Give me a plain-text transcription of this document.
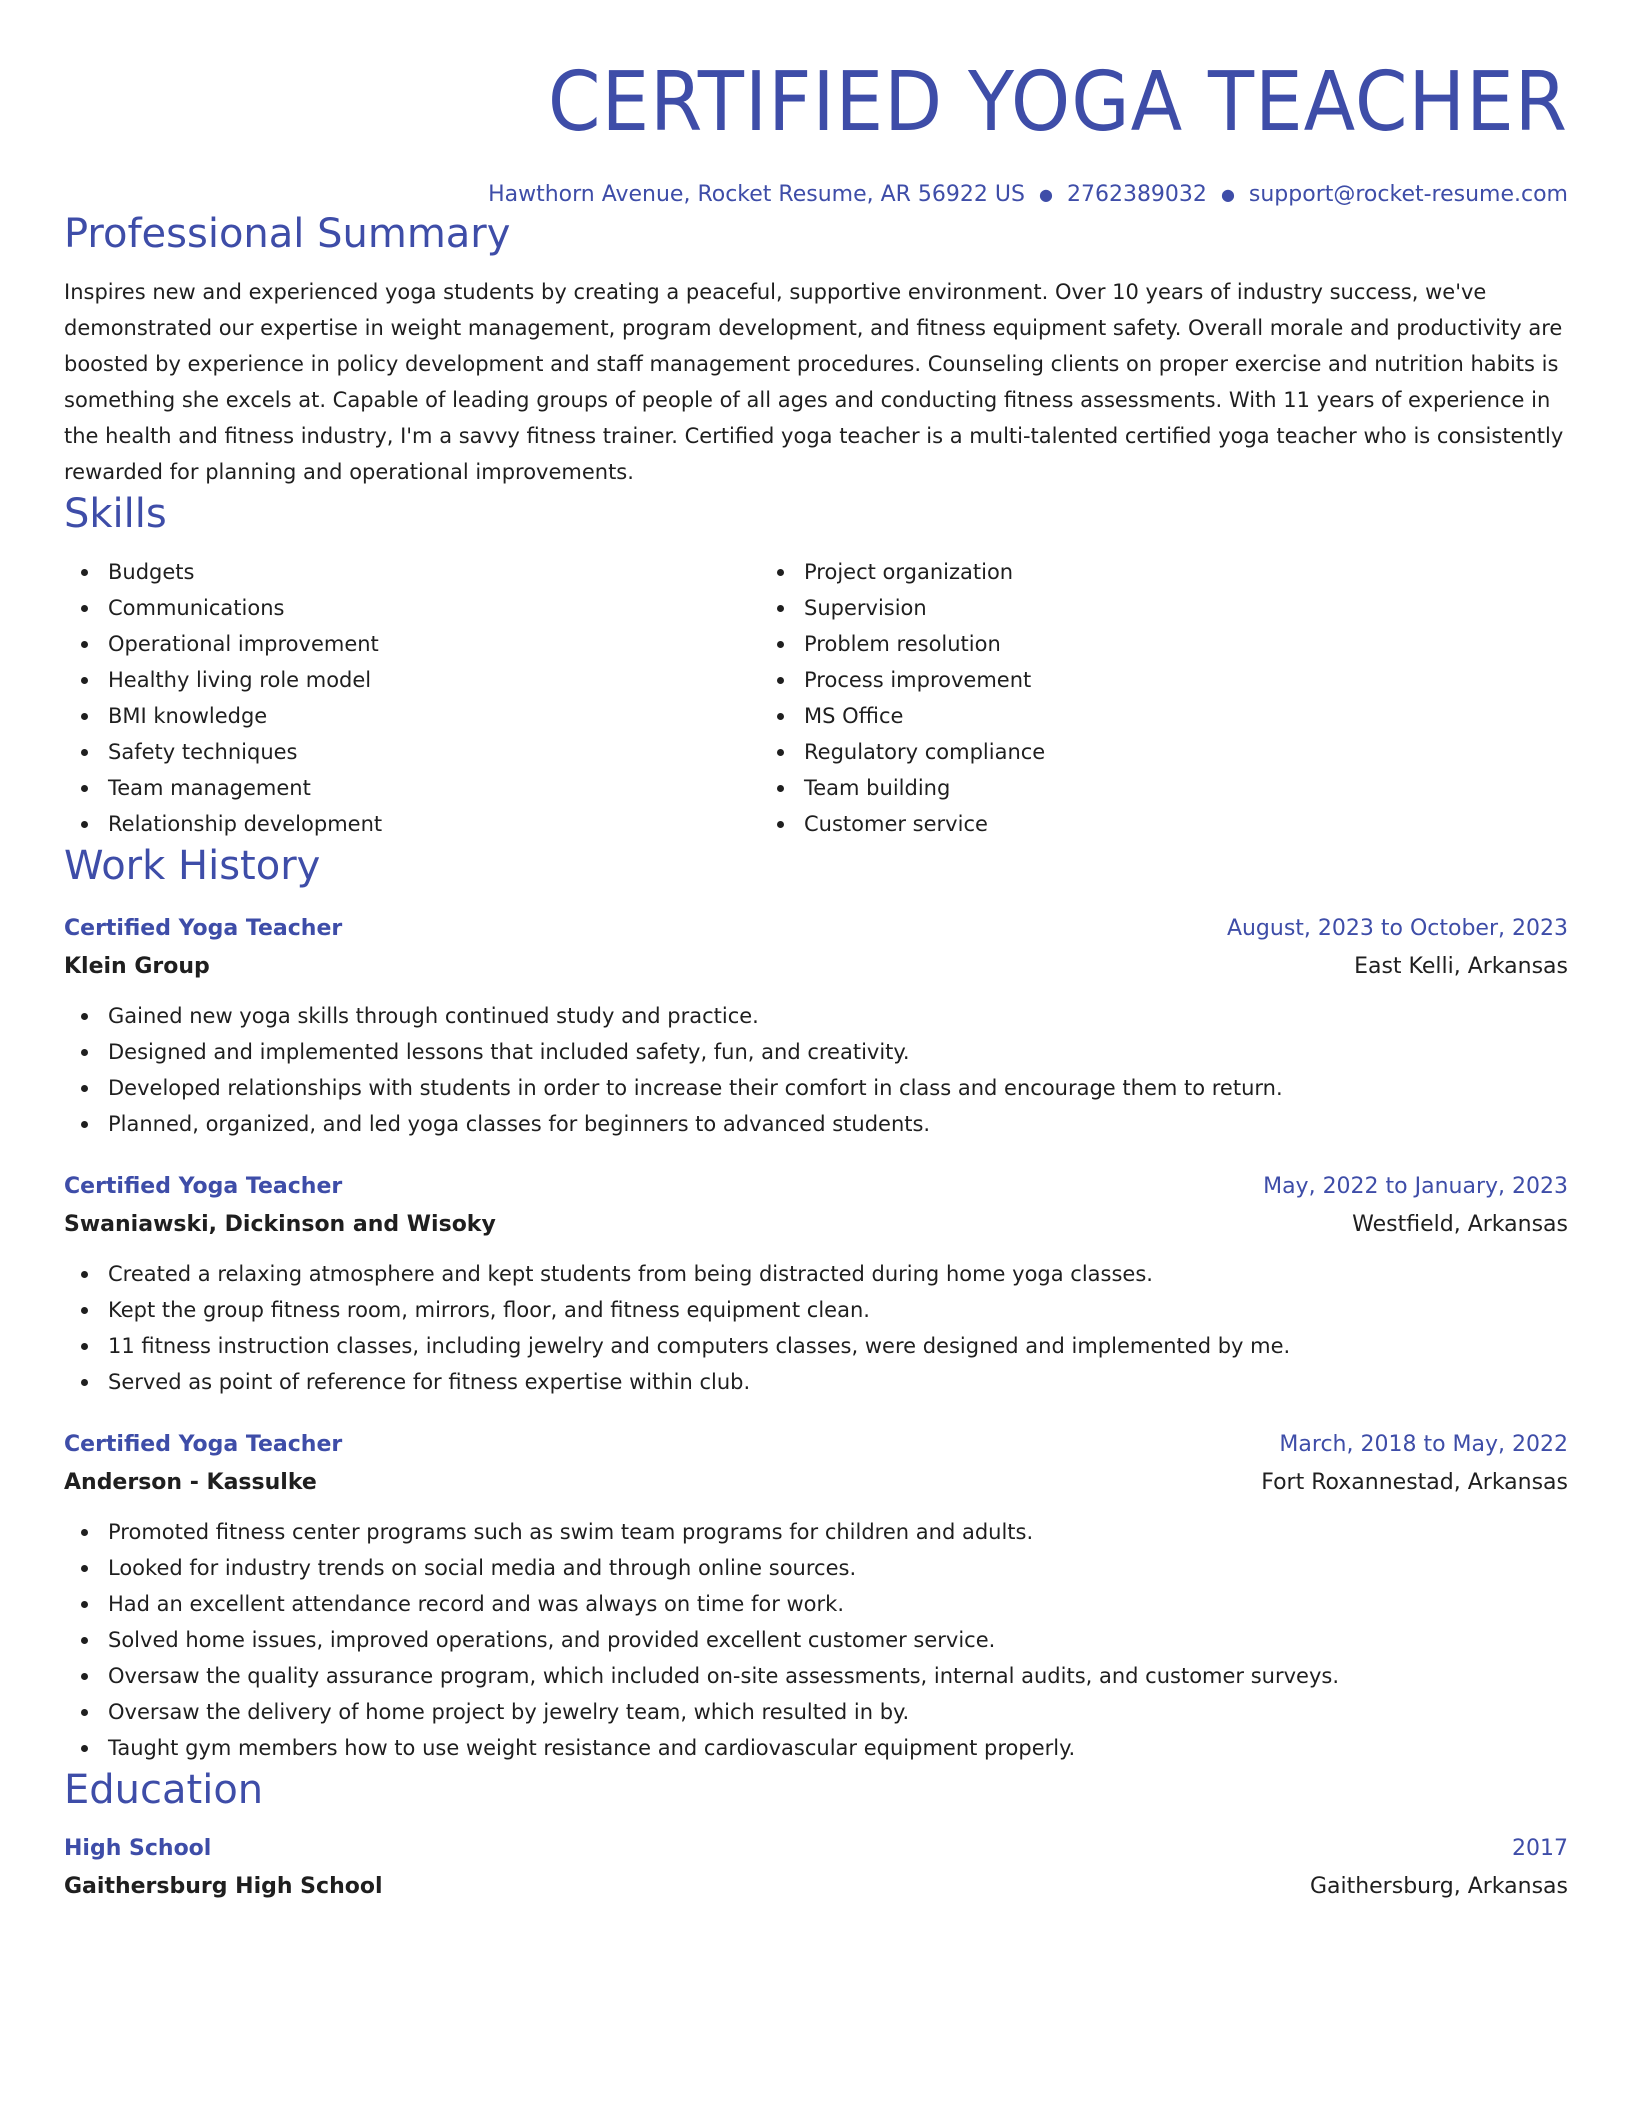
CERTIFIED YOGA TEACHER
Hawthorn Avenue, Rocket Resume, AR 56922 US ● 2762389032 ● support@rocket-resume.com
Professional Summary

Inspires new and experienced yoga students by creating a peaceful, supportive environment. Over 10 years of industry success, we've demonstrated our expertise in weight management, program development, and fitness equipment safety. Overall morale and productivity are boosted by experience in policy development and staff management procedures. Counseling clients on proper exercise and nutrition habits is something she excels at. Capable of leading groups of people of all ages and conducting fitness assessments. With 11 years of experience in the health and fitness industry, I'm a savvy fitness trainer. Certified yoga teacher is a multi-talented certified yoga teacher who is consistently rewarded for planning and operational improvements.

Skills
Budgets
Communications
Operational improvement
Healthy living role model
BMI knowledge
Safety techniques
Team management
Relationship development
Project organization
Supervision
Problem resolution
Process improvement
MS Office
Regulatory compliance
Team building
Customer service
Work History
Certified Yoga Teacher	August, 2023 to October, 2023
Klein Group	East Kelli, Arkansas
Gained new yoga skills through continued study and practice.
Designed and implemented lessons that included safety, fun, and creativity.
Developed relationships with students in order to increase their comfort in class and encourage them to return.
Planned, organized, and led yoga classes for beginners to advanced students.
Certified Yoga Teacher	May, 2022 to January, 2023
Swaniawski, Dickinson and Wisoky	Westfield, Arkansas
Created a relaxing atmosphere and kept students from being distracted during home yoga classes.
Kept the group fitness room, mirrors, floor, and fitness equipment clean.
11 fitness instruction classes, including jewelry and computers classes, were designed and implemented by me.
Served as point of reference for fitness expertise within club.
Certified Yoga Teacher	March, 2018 to May, 2022
Anderson - Kassulke	Fort Roxannestad, Arkansas
Promoted fitness center programs such as swim team programs for children and adults.
Looked for industry trends on social media and through online sources.
Had an excellent attendance record and was always on time for work.
Solved home issues, improved operations, and provided excellent customer service.
Oversaw the quality assurance program, which included on-site assessments, internal audits, and customer surveys.
Oversaw the delivery of home project by jewelry team, which resulted in by.
Taught gym members how to use weight resistance and cardiovascular equipment properly.
Education
High School	2017
Gaithersburg High School	Gaithersburg, Arkansas
